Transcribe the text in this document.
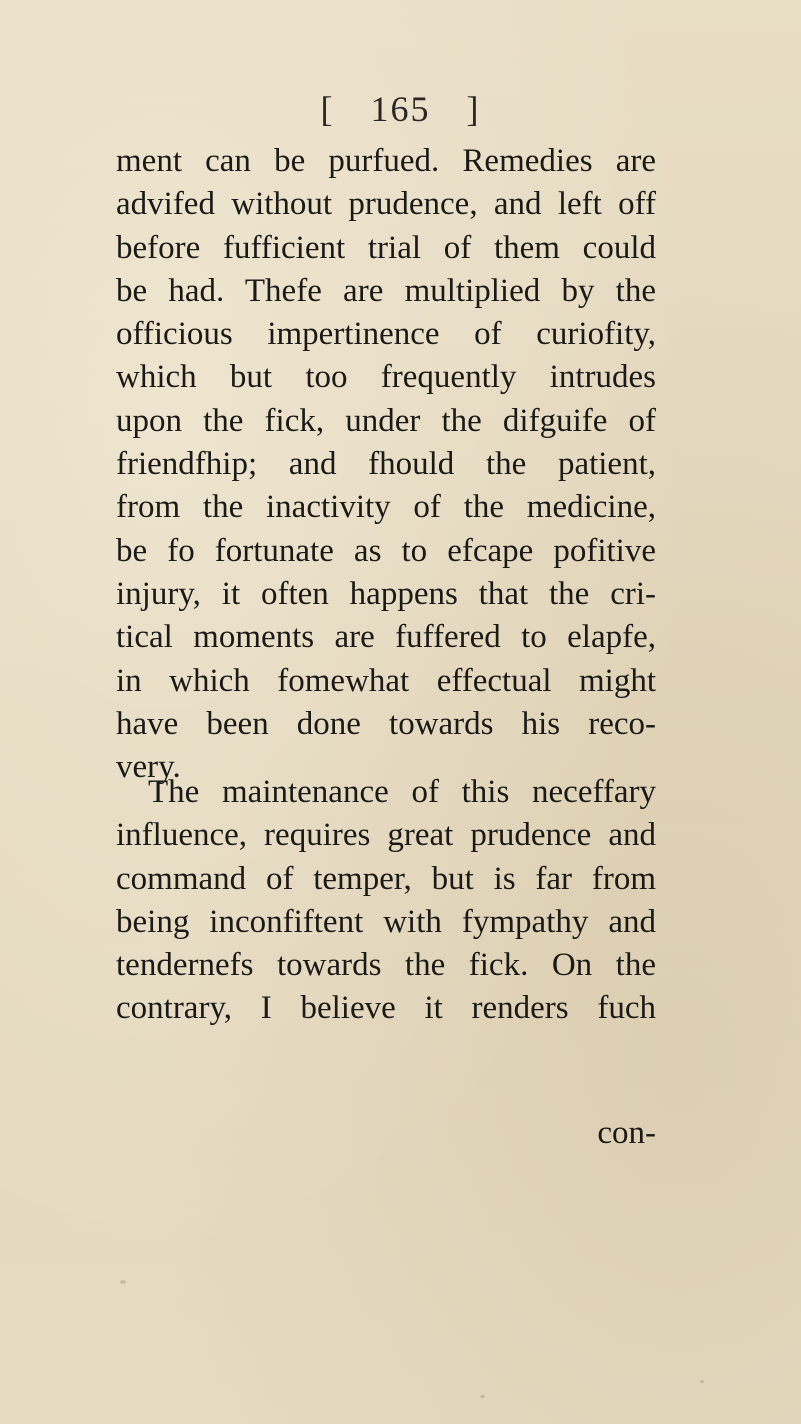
[ 165 ]
ment can be purfued. Remedies are
advifed without prudence, and left off
before fufficient trial of them could
be had. Thefe are multiplied by the
officious impertinence of curiofity,
which but too frequently intrudes
upon the fick, under the difguife of
friendfhip; and fhould the patient,
from the inactivity of the medicine,
be fo fortunate as to efcape pofitive
injury, it often happens that the cri-
tical moments are fuffered to elapfe,
in which fomewhat effectual might
have been done towards his reco-
very.
The maintenance of this neceffary
influence, requires great prudence and
command of temper, but is far from
being inconfiftent with fympathy and
tendernefs towards the fick. On the
contrary, I believe it renders fuch
con-
